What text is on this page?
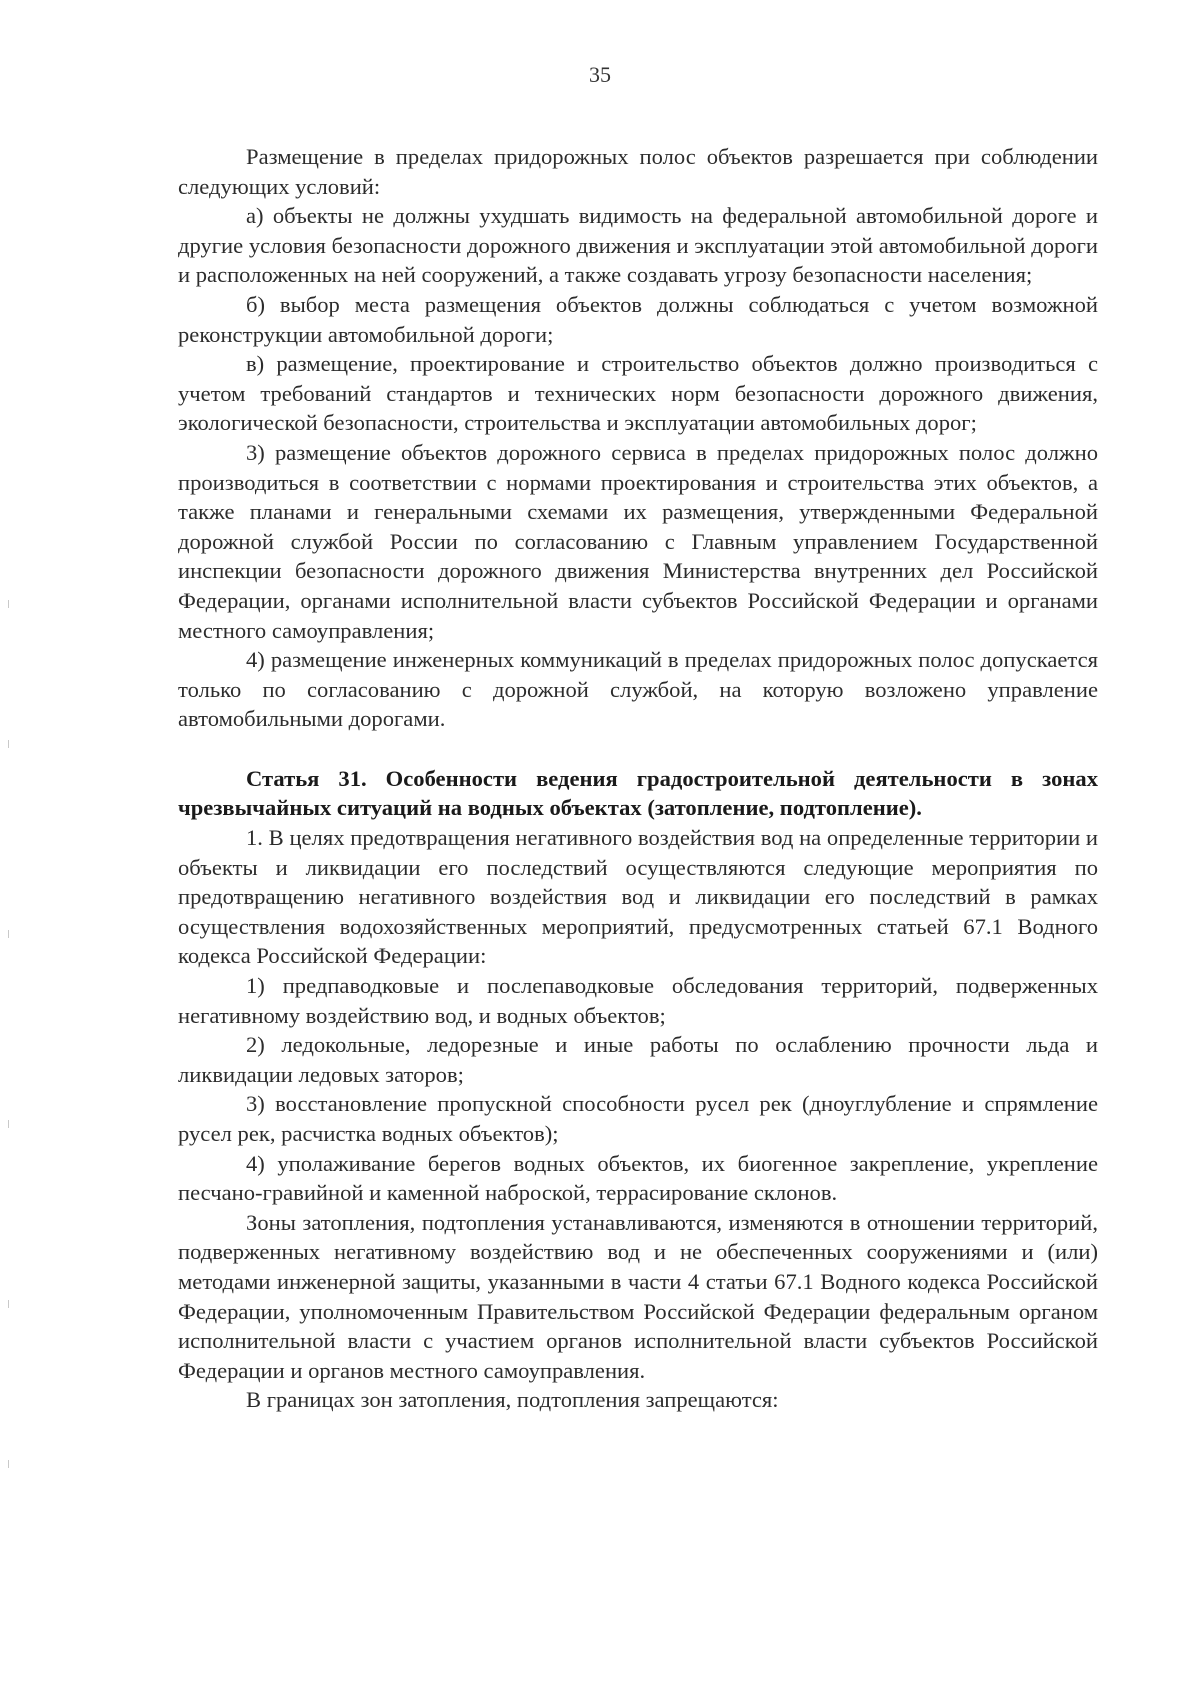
35

Размещение в пределах придорожных полос объектов разрешается при соблюдении следующих условий:

а) объекты не должны ухудшать видимость на федеральной автомобильной дороге и другие условия безопасности дорожного движения и эксплуатации этой автомобильной дороги и расположенных на ней сооружений, а также создавать угрозу безопасности населения;

б) выбор места размещения объектов должны соблюдаться с учетом возможной реконструкции автомобильной дороги;

в) размещение, проектирование и строительство объектов должно производиться с учетом требований стандартов и технических норм безопасности дорожного движения, экологической безопасности, строительства и эксплуатации автомобильных дорог;

3) размещение объектов дорожного сервиса в пределах придорожных полос должно производиться в соответствии с нормами проектирования и строительства этих объектов, а также планами и генеральными схемами их размещения, утвержденными Федеральной дорожной службой России по согласованию с Главным управлением Государственной инспекции безопасности дорожного движения Министерства внутренних дел Российской Федерации, органами исполнительной власти субъектов Российской Федерации и органами местного самоуправления;

4) размещение инженерных коммуникаций в пределах придорожных полос допускается только по согласованию с дорожной службой, на которую возложено управление автомобильными дорогами.

Статья 31. Особенности ведения градостроительной деятельности в зонах чрезвычайных ситуаций на водных объектах (затопление, подтопление).

1. В целях предотвращения негативного воздействия вод на определенные территории и объекты и ликвидации его последствий осуществляются следующие мероприятия по предотвращению негативного воздействия вод и ликвидации его последствий в рамках осуществления водохозяйственных мероприятий, предусмотренных статьей 67.1 Водного кодекса Российской Федерации:

1) предпаводковые и послепаводковые обследования территорий, подверженных негативному воздействию вод, и водных объектов;

2) ледокольные, ледорезные и иные работы по ослаблению прочности льда и ликвидации ледовых заторов;

3) восстановление пропускной способности русел рек (дноуглубление и спрямление русел рек, расчистка водных объектов);

4) уполаживание берегов водных объектов, их биогенное закрепление, укрепление песчано-гравийной и каменной наброской, террасирование склонов.

Зоны затопления, подтопления устанавливаются, изменяются в отношении территорий, подверженных негативному воздействию вод и не обеспеченных сооружениями и (или) методами инженерной защиты, указанными в части 4 статьи 67.1 Водного кодекса Российской Федерации, уполномоченным Правительством Российской Федерации федеральным органом исполнительной власти с участием органов исполнительной власти субъектов Российской Федерации и органов местного самоуправления.

В границах зон затопления, подтопления запрещаются:
